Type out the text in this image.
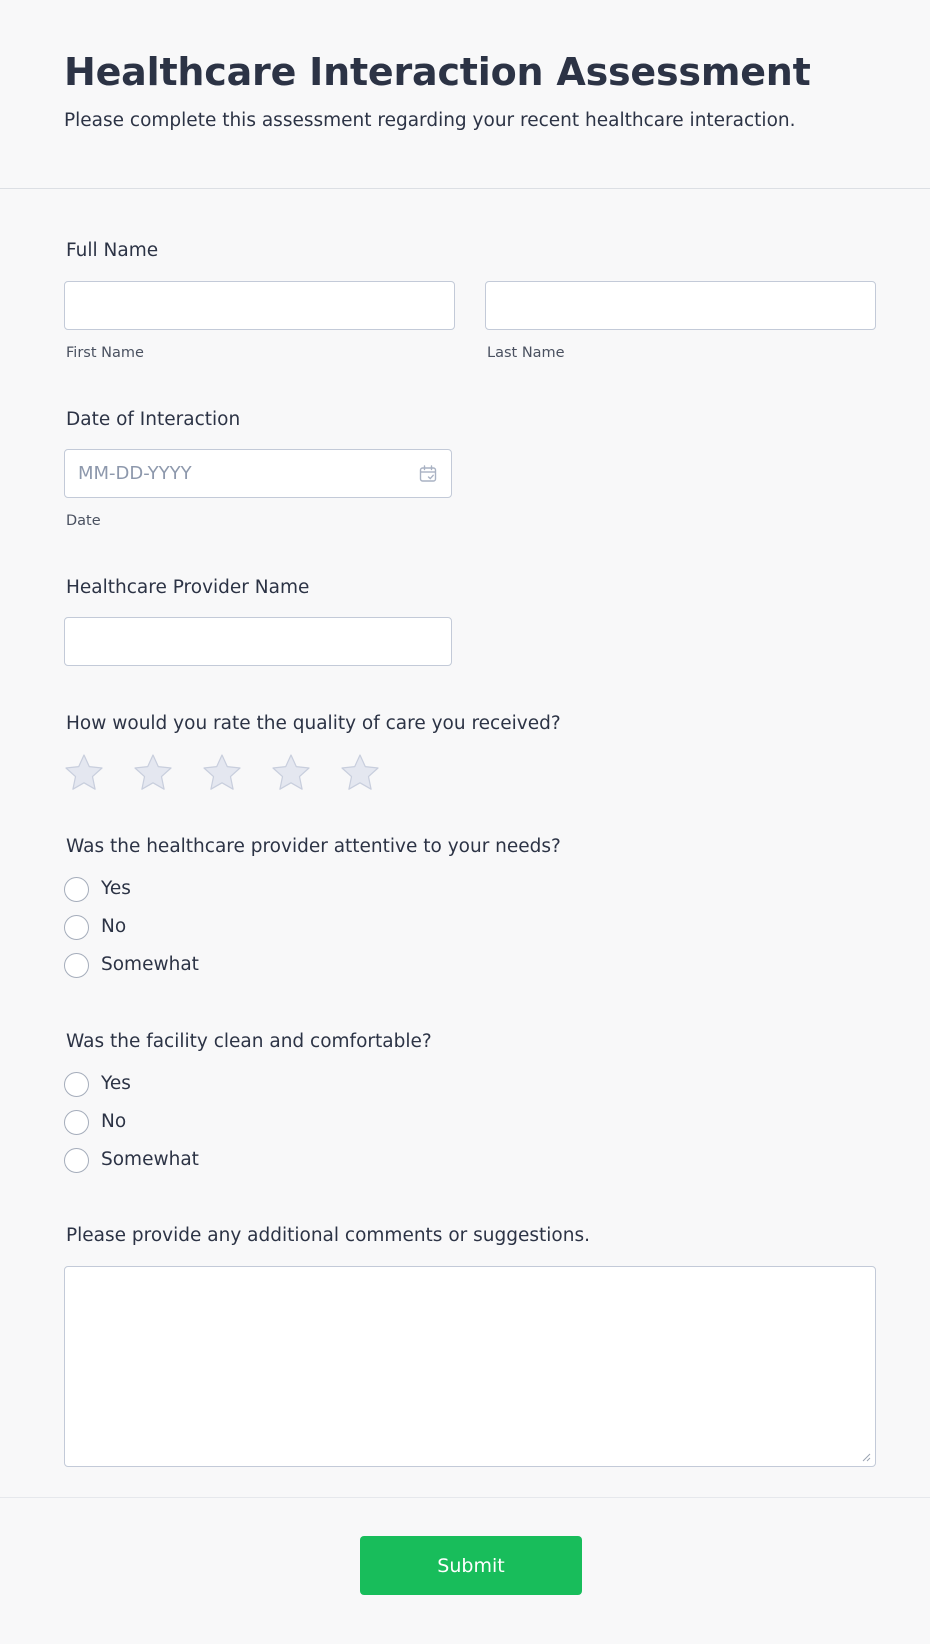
Healthcare Interaction Assessment
Please complete this assessment regarding your recent healthcare interaction.
Full Name
First Name	Last Name
Date of Interaction
MM-DD-YYYY
Date
Healthcare Provider Name
How would you rate the quality of care you received?
Was the healthcare provider attentive to your needs?
Yes
No
Somewhat
Was the facility clean and comfortable?
Yes
No
Somewhat
Please provide any additional comments or suggestions.
Submit
